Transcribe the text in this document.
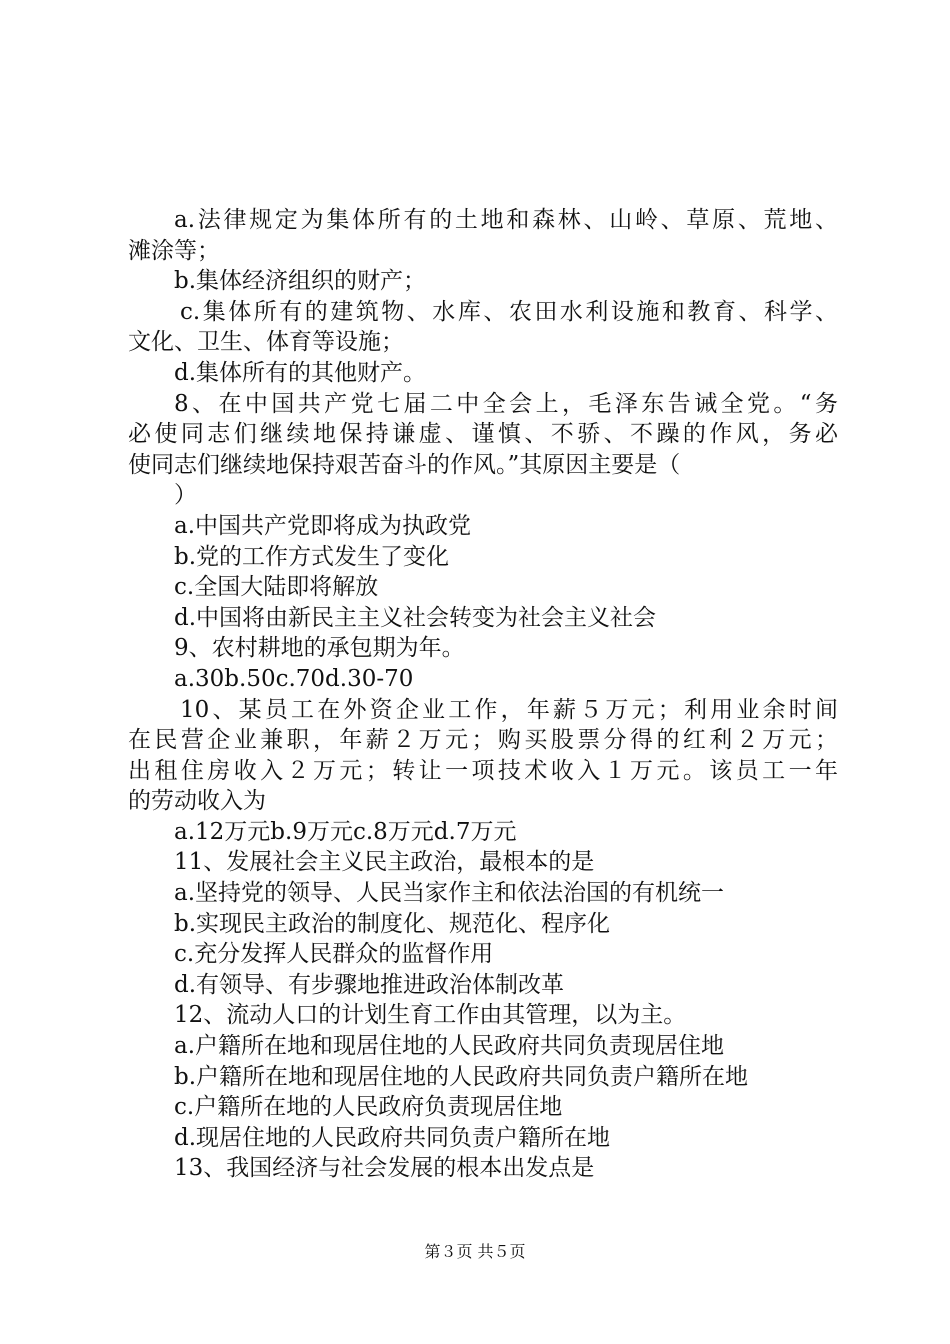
a.法律规定为集体所有的土地和森林、山岭、草原、荒地、
滩涂等；
b.集体经济组织的财产；
c.集体所有的建筑物、水库、农田水利设施和教育、科学、
文化、卫生、体育等设施；
d.集体所有的其他财产。
8、在中国共产党七届二中全会上，毛泽东告诫全党。“务
必使同志们继续地保持谦虚、谨慎、不骄、不躁的作风，务必
使同志们继续地保持艰苦奋斗的作风。”其原因主要是（
）
a.中国共产党即将成为执政党
b.党的工作方式发生了变化
c.全国大陆即将解放
d.中国将由新民主主义社会转变为社会主义社会
9、农村耕地的承包期为年。
a.30b.50c.70d.30-70
10、某员工在外资企业工作，年薪５万元；利用业余时间
在民营企业兼职，年薪２万元；购买股票分得的红利２万元；
出租住房收入２万元；转让一项技术收入１万元。该员工一年
的劳动收入为
a.12万元b.9万元c.8万元d.7万元
11、发展社会主义民主政治，最根本的是
a.坚持党的领导、人民当家作主和依法治国的有机统一
b.实现民主政治的制度化、规范化、程序化
c.充分发挥人民群众的监督作用
d.有领导、有步骤地推进政治体制改革
12、流动人口的计划生育工作由其管理，以为主。
a.户籍所在地和现居住地的人民政府共同负责现居住地
b.户籍所在地和现居住地的人民政府共同负责户籍所在地
c.户籍所在地的人民政府负责现居住地
d.现居住地的人民政府共同负责户籍所在地
13、我国经济与社会发展的根本出发点是
第３页 共５页
